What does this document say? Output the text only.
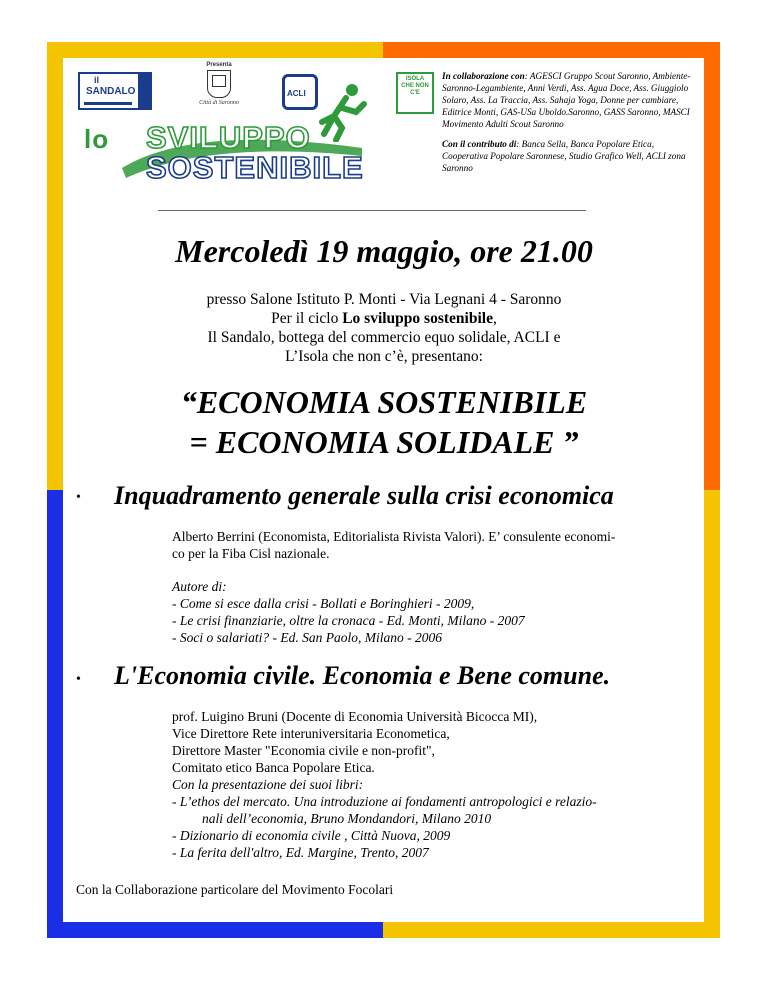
il
SANDALO
Presenta
Città di Saronno
ACLI
ISOLA CHE NON C'E
lo SVILUPPO
SOSTENIBILE

In collaborazione con: AGESCI Gruppo Scout Saronno, Ambiente-Saronno-Legambiente, Anni Verdi, Ass. Agua Doce, Ass. Giuggiolo Solaro, Ass. La Traccia, Ass. Sahaja Yoga, Donne per cambiare, Editrice Monti, GAS-USa Uboldo.Saronno, GASS Saronno, MASCI Movimento Adulti Scout Saronno

Con il contributo di: Banca Sella, Banca Popolare Etica, Cooperativa Popolare Saronnese, Studio Grafico Well, ACLI zona Saronno

Mercoledì 19 maggio, ore 21.00
presso Salone Istituto P. Monti - Via Legnani 4 - Saronno
Per il ciclo Lo sviluppo sostenibile,
Il Sandalo, bottega del commercio equo solidale, ACLI e
L’Isola che non c’è, presentano:
“ECONOMIA SOSTENIBILE
= ECONOMIA SOLIDALE ”
• Inquadramento generale sulla crisi economica
Alberto Berrini (Economista, Editorialista Rivista Valori). E’ consulente economi-
co per la Fiba Cisl nazionale.
Autore di:
- Come si esce dalla crisi - Bollati e Boringhieri - 2009,
- Le crisi finanziarie, oltre la cronaca - Ed. Monti, Milano - 2007
- Soci o salariati? - Ed. San Paolo, Milano - 2006
• L'Economia civile. Economia e Bene comune.
prof. Luigino Bruni (Docente di Economia Università Bicocca MI),
Vice Direttore Rete interuniversitaria Econometica,
Direttore Master "Economia civile e non-profit",
Comitato etico Banca Popolare Etica.
Con la presentazione dei suoi libri:
- L’ethos del mercato. Una introduzione ai fondamenti antropologici e relazio-
nali dell’economia, Bruno Mondandori, Milano 2010
- Dizionario di economia civile , Città Nuova, 2009
- La ferita dell'altro, Ed. Margine, Trento, 2007
Con la Collaborazione particolare del Movimento Focolari
